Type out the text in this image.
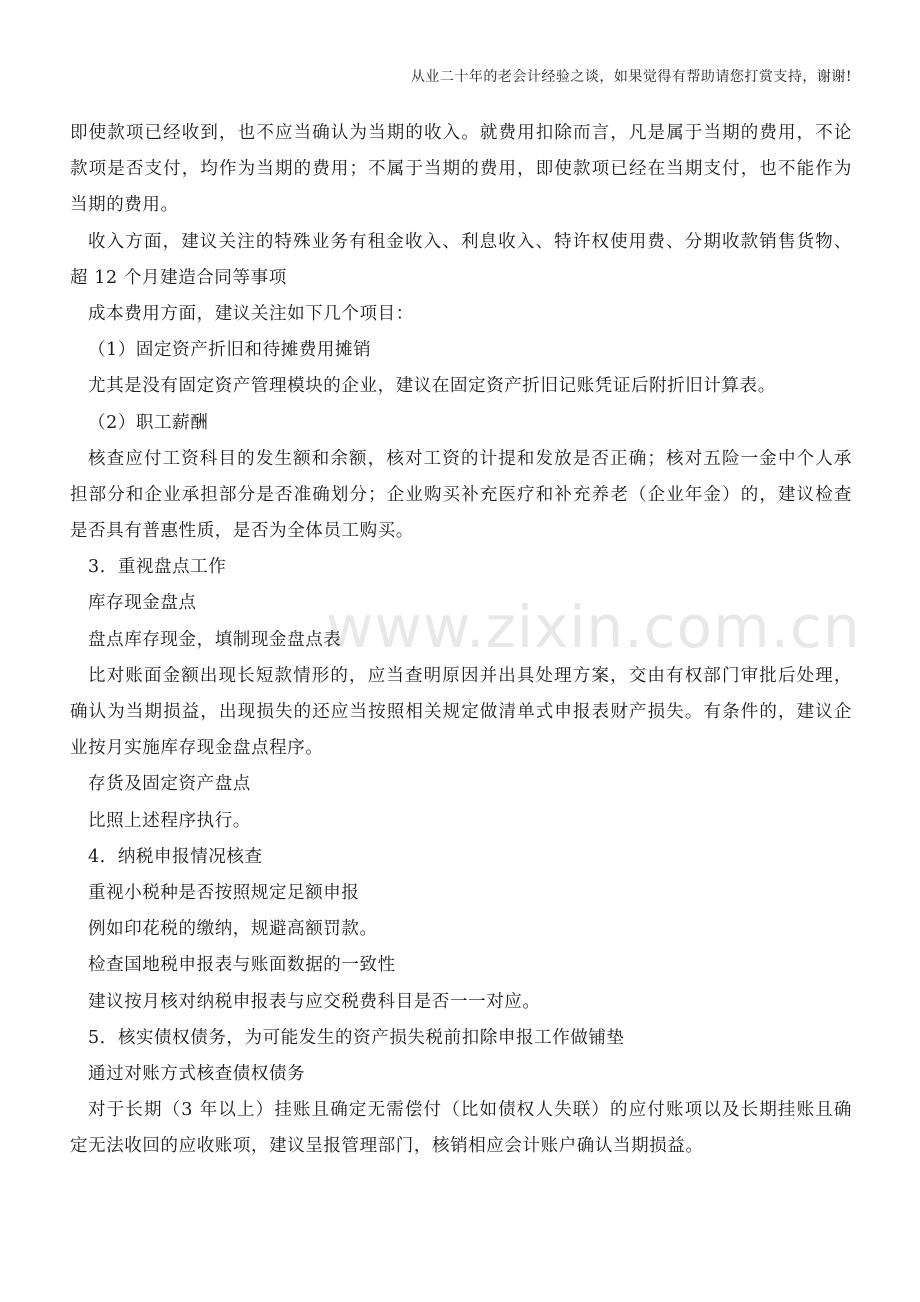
从业二十年的老会计经验之谈，如果觉得有帮助请您打赏支持，谢谢!
www.zixin.com.cn
即使款项已经收到，也不应当确认为当期的收入。就费用扣除而言，凡是属于当期的费用，不论
款项是否支付，均作为当期的费用；不属于当期的费用，即使款项已经在当期支付，也不能作为
当期的费用。
收入方面，建议关注的特殊业务有租金收入、利息收入、特许权使用费、分期收款销售货物、
超 12 个月建造合同等事项
成本费用方面，建议关注如下几个项目：
（1）固定资产折旧和待摊费用摊销
尤其是没有固定资产管理模块的企业，建议在固定资产折旧记账凭证后附折旧计算表。
（2）职工薪酬
核查应付工资科目的发生额和余额，核对工资的计提和发放是否正确；核对五险一金中个人承
担部分和企业承担部分是否准确划分；企业购买补充医疗和补充养老（企业年金）的，建议检查
是否具有普惠性质，是否为全体员工购买。
3．重视盘点工作
库存现金盘点
盘点库存现金，填制现金盘点表
比对账面金额出现长短款情形的，应当查明原因并出具处理方案，交由有权部门审批后处理，
确认为当期损益，出现损失的还应当按照相关规定做清单式申报表财产损失。有条件的，建议企
业按月实施库存现金盘点程序。
存货及固定资产盘点
比照上述程序执行。
4．纳税申报情况核查
重视小税种是否按照规定足额申报
例如印花税的缴纳，规避高额罚款。
检查国地税申报表与账面数据的一致性
建议按月核对纳税申报表与应交税费科目是否一一对应。
5．核实债权债务，为可能发生的资产损失税前扣除申报工作做铺垫
通过对账方式核查债权债务
对于长期（3 年以上）挂账且确定无需偿付（比如债权人失联）的应付账项以及长期挂账且确
定无法收回的应收账项，建议呈报管理部门，核销相应会计账户确认当期损益。
